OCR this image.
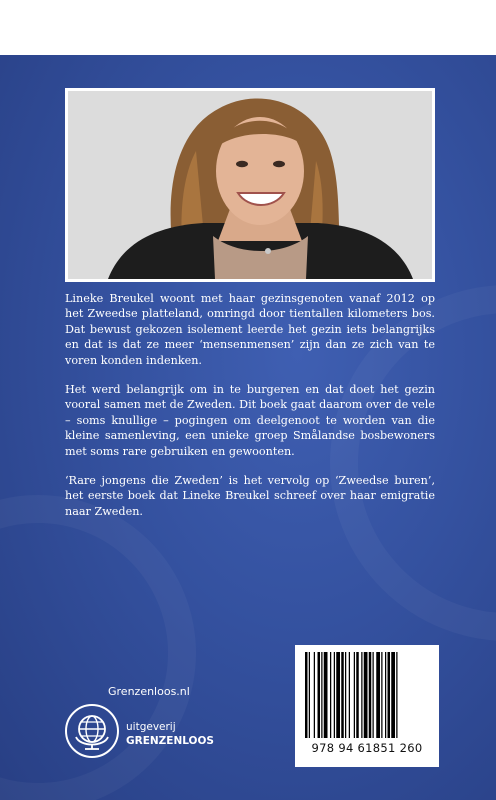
Lineke Breukel woont met haar gezinsgenoten vanaf 2012 op het Zweedse platteland, omringd door tientallen kilometers bos. Dat bewust gekozen isolement leerde het gezin iets belangrijks en dat is dat ze meer ‘mensenmensen’ zijn dan ze zich van te voren konden indenken.

Het werd belangrijk om in te burgeren en dat doet het gezin vooral samen met de Zweden. Dit boek gaat daarom over de vele – soms knullige – pogingen om deelgenoot te worden van die kleine samenleving, een unieke groep Smålandse bosbewoners met soms rare gebruiken en gewoonten.

‘Rare jongens die Zweden’ is het vervolg op ‘Zweedse buren’, het eerste boek dat Lineke Breukel schreef over haar emigratie naar Zweden.

Grenzenloos.nl
uitgeverij
GRENZENLOOS	978 94 61851 260
